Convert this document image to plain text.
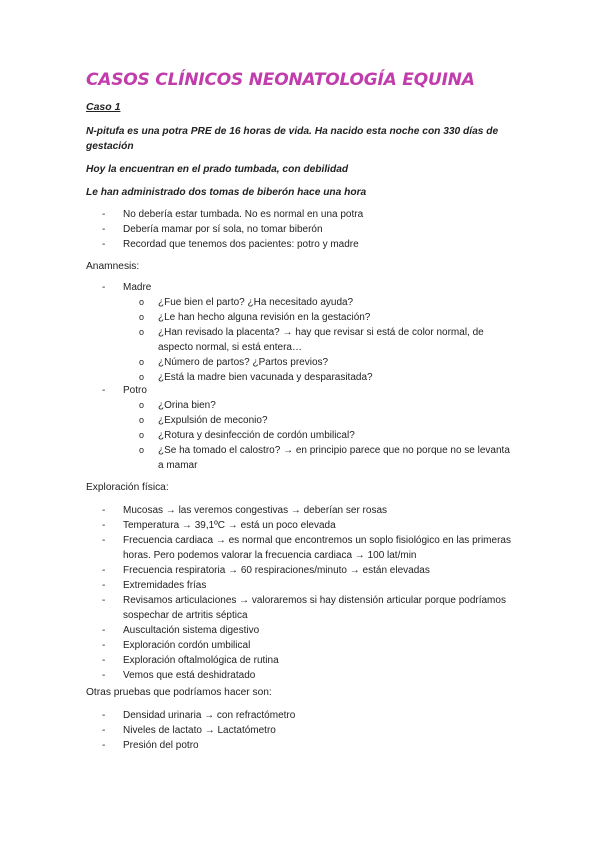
CASOS CLÍNICOS NEONATOLOGÍA EQUINA
Caso 1
N-pitufa es una potra PRE de 16 horas de vida. Ha nacido esta noche con 330 días de gestación
Hoy la encuentran en el prado tumbada, con debilidad
Le han administrado dos tomas de biberón hace una hora
- No debería estar tumbada. No es normal en una potra
- Debería mamar por sí sola, no tomar biberón
- Recordad que tenemos dos pacientes: potro y madre
Anamnesis:
- Madre
o ¿Fue bien el parto? ¿Ha necesitado ayuda?
o ¿Le han hecho alguna revisión en la gestación?
o ¿Han revisado la placenta? → hay que revisar si está de color normal, de aspecto normal, si está entera…
o ¿Número de partos? ¿Partos previos?
o ¿Está la madre bien vacunada y desparasitada?
- Potro
o ¿Orina bien?
o ¿Expulsión de meconio?
o ¿Rotura y desinfección de cordón umbilical?
o ¿Se ha tomado el calostro? → en principio parece que no porque no se levanta a mamar
Exploración física:
- Mucosas → las veremos congestivas → deberían ser rosas
- Temperatura → 39,1ºC → está un poco elevada
- Frecuencia cardiaca → es normal que encontremos un soplo fisiológico en las primeras horas. Pero podemos valorar la frecuencia cardiaca → 100 lat/min
- Frecuencia respiratoria → 60 respiraciones/minuto → están elevadas
- Extremidades frías
- Revisamos articulaciones → valoraremos si hay distensión articular porque podríamos sospechar de artritis séptica
- Auscultación sistema digestivo
- Exploración cordón umbilical
- Exploración oftalmológica de rutina
- Vemos que está deshidratado
Otras pruebas que podríamos hacer son:
- Densidad urinaria → con refractómetro
- Niveles de lactato → Lactatómetro
- Presión del potro
